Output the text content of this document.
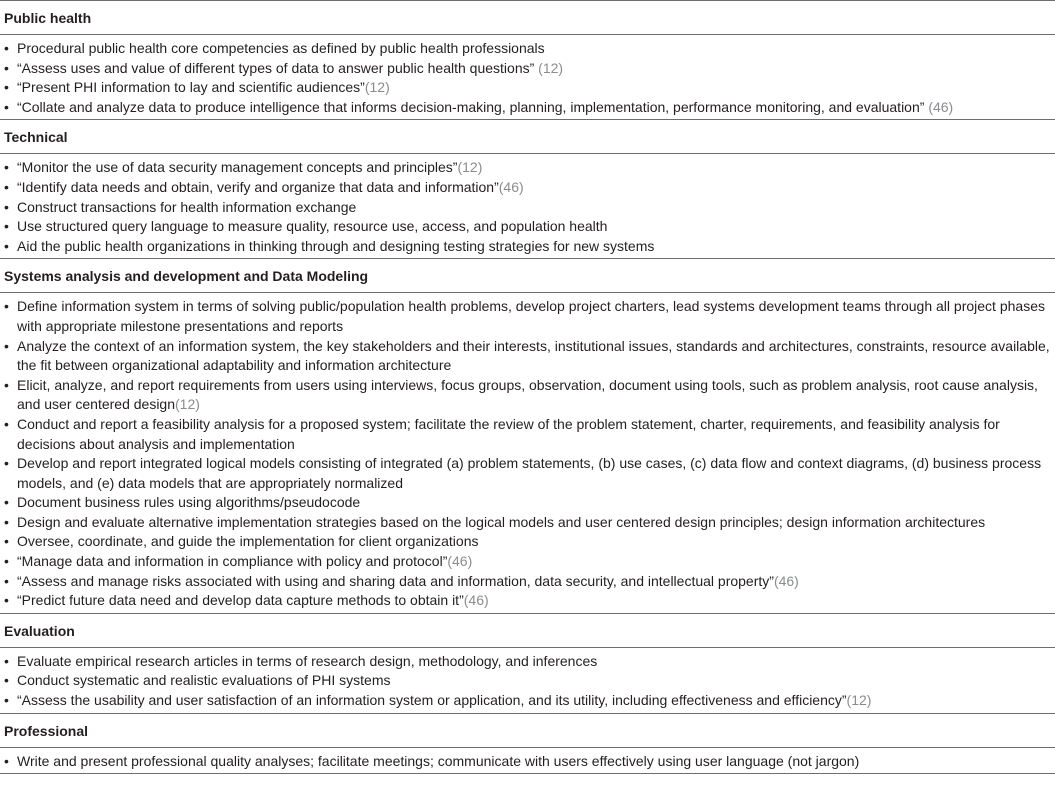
Public health
• Procedural public health core competencies as defined by public health professionals
• “Assess uses and value of different types of data to answer public health questions” (12)
• “Present PHI information to lay and scientific audiences”(12)
• “Collate and analyze data to produce intelligence that informs decision-making, planning, implementation, performance monitoring, and evaluation” (46)
Technical
• “Monitor the use of data security management concepts and principles”(12)
• “Identify data needs and obtain, verify and organize that data and information”(46)
• Construct transactions for health information exchange
• Use structured query language to measure quality, resource use, access, and population health
• Aid the public health organizations in thinking through and designing testing strategies for new systems
Systems analysis and development and Data Modeling
• Define information system in terms of solving public/population health problems, develop project charters, lead systems development teams through all project phases with appropriate milestone presentations and reports
• Analyze the context of an information system, the key stakeholders and their interests, institutional issues, standards and architectures, constraints, resource available, the fit between organizational adaptability and information architecture
• Elicit, analyze, and report requirements from users using interviews, focus groups, observation, document using tools, such as problem analysis, root cause analysis, and user centered design(12)
• Conduct and report a feasibility analysis for a proposed system; facilitate the review of the problem statement, charter, requirements, and feasibility analysis for decisions about analysis and implementation
• Develop and report integrated logical models consisting of integrated (a) problem statements, (b) use cases, (c) data flow and context diagrams, (d) business process models, and (e) data models that are appropriately normalized
• Document business rules using algorithms/pseudocode
• Design and evaluate alternative implementation strategies based on the logical models and user centered design principles; design information architectures
• Oversee, coordinate, and guide the implementation for client organizations
• “Manage data and information in compliance with policy and protocol”(46)
• “Assess and manage risks associated with using and sharing data and information, data security, and intellectual property”(46)
• “Predict future data need and develop data capture methods to obtain it”(46)
Evaluation
• Evaluate empirical research articles in terms of research design, methodology, and inferences
• Conduct systematic and realistic evaluations of PHI systems
• “Assess the usability and user satisfaction of an information system or application, and its utility, including effectiveness and efficiency”(12)
Professional
• Write and present professional quality analyses; facilitate meetings; communicate with users effectively using user language (not jargon)
